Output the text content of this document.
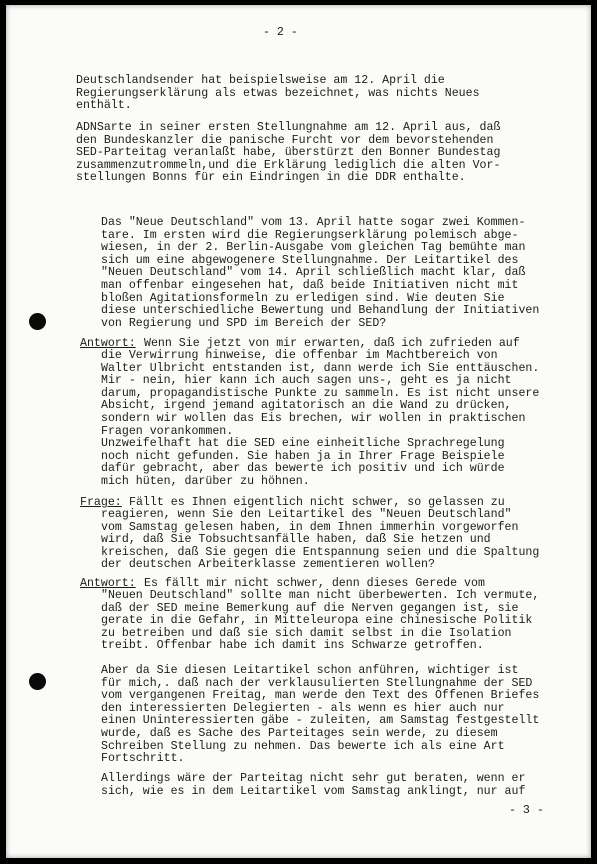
- 2 -
Deutschlandsender hat beispielsweise am 12. April die
Regierungserklärung als etwas bezeichnet, was nichts Neues
enthält.
ADNSarte in seiner ersten Stellungnahme am 12. April aus, daß
den Bundeskanzler die panische Furcht vor dem bevorstehenden
SED-Parteitag veranlaßt habe, überstürzt den Bonner Bundestag
zusammenzutrommeln,und die Erklärung lediglich die alten Vor-
stellungen Bonns für ein Eindringen in die DDR enthalte.
Das "Neue Deutschland" vom 13. April hatte sogar zwei Kommen-
tare. Im ersten wird die Regierungserklärung polemisch abge-
wiesen, in der 2. Berlin-Ausgabe vom gleichen Tag bemühte man
sich um eine abgewogenere Stellungnahme. Der Leitartikel des
"Neuen Deutschland" vom 14. April schließlich macht klar, daß
man offenbar eingesehen hat, daß beide Initiativen nicht mit
bloßen Agitationsformeln zu erledigen sind. Wie deuten Sie
diese unterschiedliche Bewertung und Behandlung der Initiativen
von Regierung und SPD im Bereich der SED?
Antwort: Wenn Sie jetzt von mir erwarten, daß ich zufrieden auf
die Verwirrung hinweise, die offenbar im Machtbereich von
Walter Ulbricht entstanden ist, dann werde ich Sie enttäuschen.
Mir - nein, hier kann ich auch sagen uns-, geht es ja nicht
darum, propagandistische Punkte zu sammeln. Es ist nicht unsere
Absicht, irgend jemand agitatorisch an die Wand zu drücken,
sondern wir wollen das Eis brechen, wir wollen in praktischen
Fragen vorankommen.
Unzweifelhaft hat die SED eine einheitliche Sprachregelung
noch nicht gefunden. Sie haben ja in Ihrer Frage Beispiele
dafür gebracht, aber das bewerte ich positiv und ich würde
mich hüten, darüber zu höhnen.
Frage: Fällt es Ihnen eigentlich nicht schwer, so gelassen zu
reagieren, wenn Sie den Leitartikel des "Neuen Deutschland"
vom Samstag gelesen haben, in dem Ihnen immerhin vorgeworfen
wird, daß Sie Tobsuchtsanfälle haben, daß Sie hetzen und
kreischen, daß Sie gegen die Entspannung seien und die Spaltung
der deutschen Arbeiterklasse zementieren wollen?
Antwort: Es fällt mir nicht schwer, denn dieses Gerede vom
"Neuen Deutschland" sollte man nicht überbewerten. Ich vermute,
daß der SED meine Bemerkung auf die Nerven gegangen ist, sie
gerate in die Gefahr, in Mitteleuropa eine chinesische Politik
zu betreiben und daß sie sich damit selbst in die Isolation
treibt. Offenbar habe ich damit ins Schwarze getroffen.
Aber da Sie diesen Leitartikel schon anführen, wichtiger ist
für mich,. daß nach der verklausulierten Stellungnahme der SED
vom vergangenen Freitag, man werde den Text des Offenen Briefes
den interessierten Delegierten - als wenn es hier auch nur
einen Uninteressierten gäbe - zuleiten, am Samstag festgestellt
wurde, daß es Sache des Parteitages sein werde, zu diesem
Schreiben Stellung zu nehmen. Das bewerte ich als eine Art
Fortschritt.
Allerdings wäre der Parteitag nicht sehr gut beraten, wenn er
sich, wie es in dem Leitartikel vom Samstag anklingt, nur auf
- 3 -
